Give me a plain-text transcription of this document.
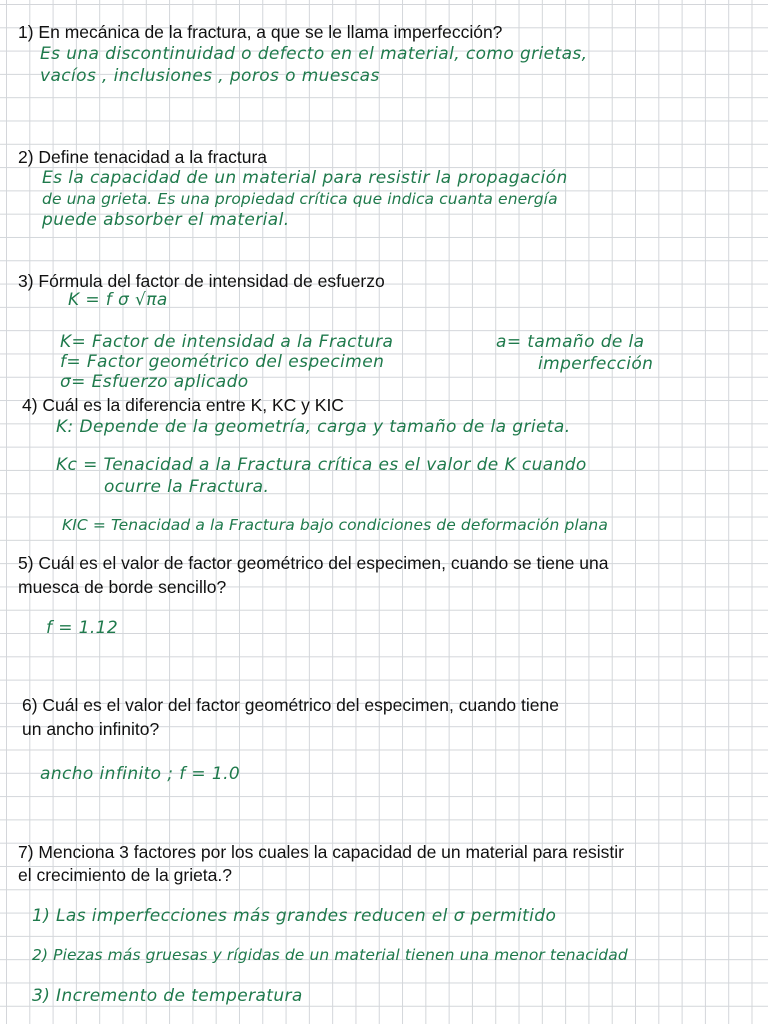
1) En mecánica de la fractura, a que se le llama imperfección?

Es una discontinuidad o defecto en el material, como grietas,
vacíos , inclusiones , poros o muescas

2) Define tenacidad a la fractura

Es la capacidad de un material para resistir la propagación
de una grieta. Es una propiedad crítica que indica cuanta energía
puede absorber el material.

3) Fórmula del factor de intensidad de esfuerzo

K = f σ √πa
K= Factor de intensidad a la Fractura
f= Factor geométrico del especimen
σ= Esfuerzo aplicado
a= tamaño de la
imperfección

4) Cuál es la diferencia entre K, KC y KIC

K: Depende de la geometría, carga y tamaño de la grieta.
Kc = Tenacidad a la Fractura crítica es el valor de K cuando
ocurre la Fractura.
KIC = Tenacidad a la Fractura bajo condiciones de deformación plana

5) Cuál es el valor de factor geométrico del especimen, cuando se tiene una

muesca de borde sencillo?

f = 1.12

6) Cuál es el valor del factor geométrico del especimen, cuando tiene

un ancho infinito?

ancho infinito ; f = 1.0

7) Menciona 3 factores por los cuales la capacidad de un material para resistir

el crecimiento de la grieta.?

1) Las imperfecciones más grandes reducen el σ permitido
2) Piezas más gruesas y rígidas de un material tienen una menor tenacidad
3) Incremento de temperatura
